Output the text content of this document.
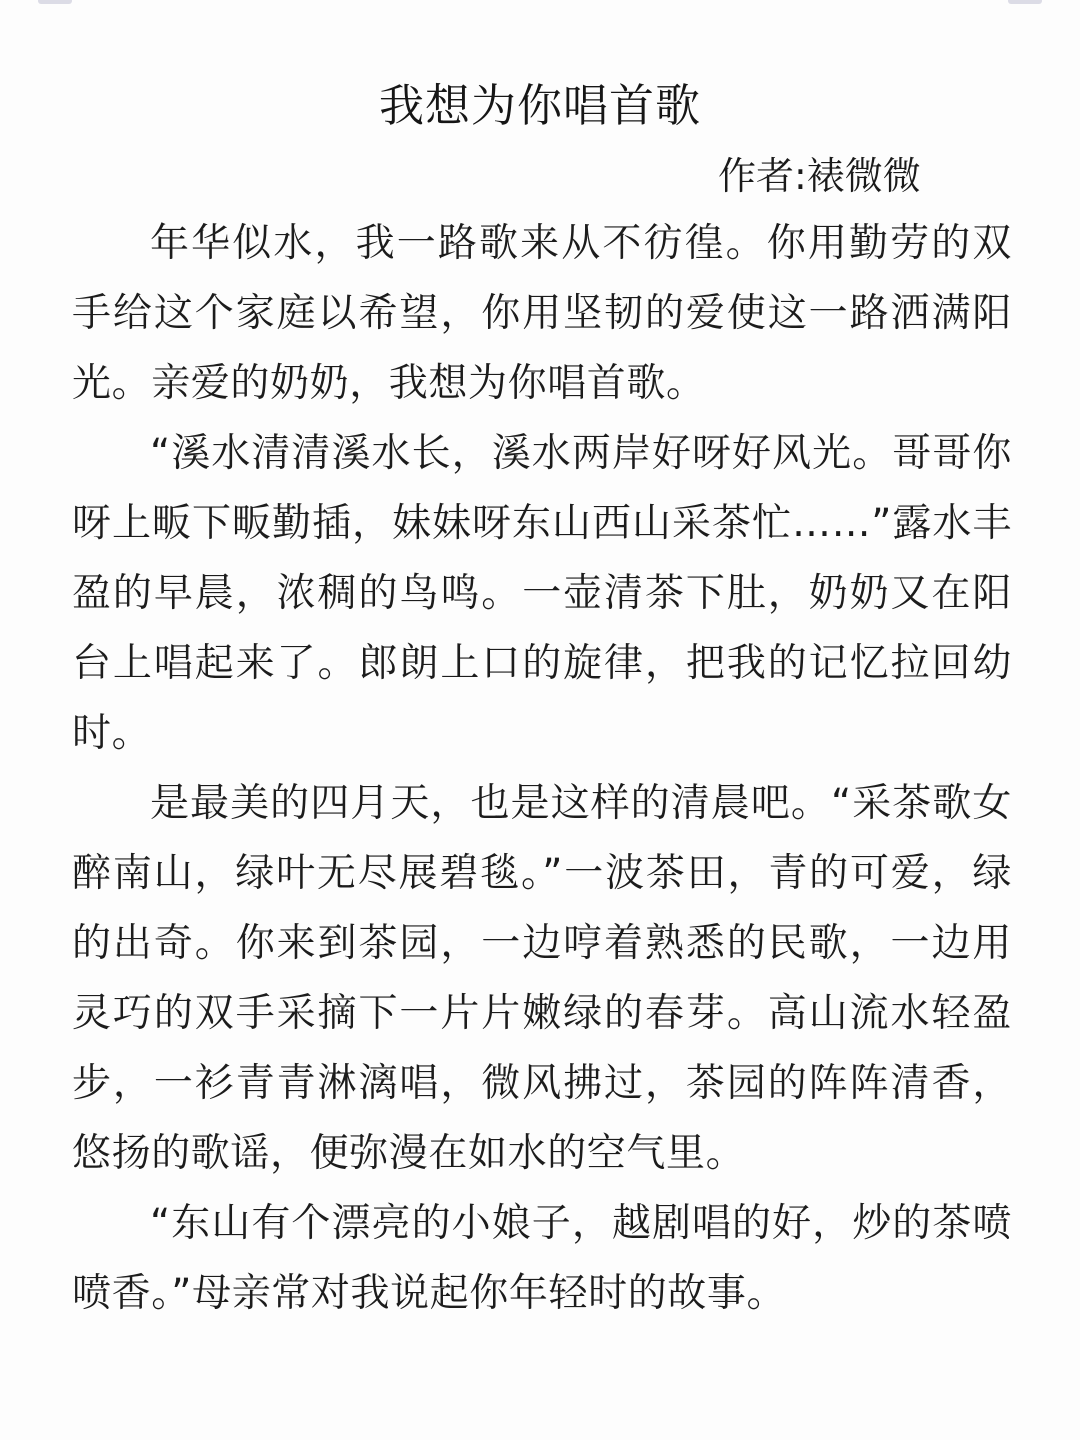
我想为你唱首歌
作者:裱微微

年华似水，我一路歌来从不彷徨。你用勤劳的双手给这个家庭以希望，你用坚韧的爱使这一路洒满阳光。亲爱的奶奶，我想为你唱首歌。

“溪水清清溪水长，溪水两岸好呀好风光。哥哥你呀上畈下畈勤插，妹妹呀东山西山采茶忙……”露水丰盈的早晨，浓稠的鸟鸣。一壶清茶下肚，奶奶又在阳台上唱起来了。郎朗上口的旋律，把我的记忆拉回幼时。

是最美的四月天，也是这样的清晨吧。“采茶歌女醉南山，绿叶无尽展碧毯。”一波茶田，青的可爱，绿的出奇。你来到茶园，一边哼着熟悉的民歌，一边用灵巧的双手采摘下一片片嫩绿的春芽。高山流水轻盈步，一衫青青淋漓唱，微风拂过，茶园的阵阵清香，悠扬的歌谣，便弥漫在如水的空气里。

“东山有个漂亮的小娘子，越剧唱的好，炒的茶喷喷香。”母亲常对我说起你年轻时的故事。
